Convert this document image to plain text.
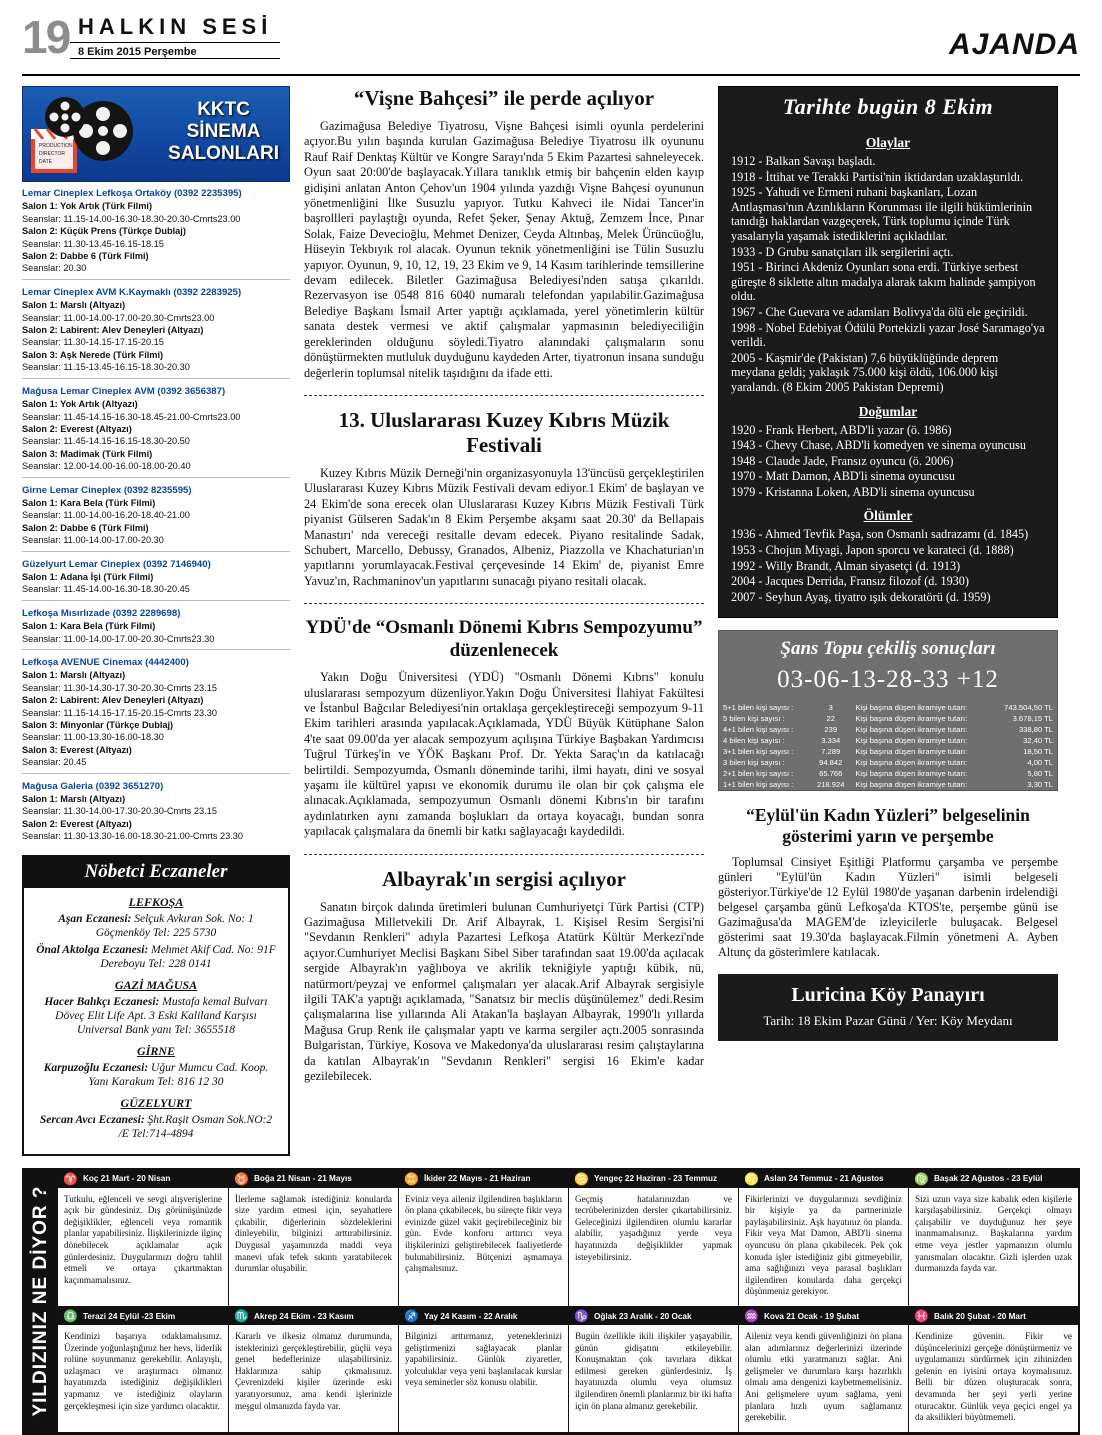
19 HALKIN SESİ
8 Ekim 2015 Perşembe	AJANDA
PRODUCTION
DIRECTOR
DATE
KKTC
SİNEMA
SALONLARI
Lemar Cineplex Lefkoşa Ortaköy (0392 2235395)
Salon 1: Yok Artık (Türk Filmi)
Seanslar: 11.15-14.00-16.30-18.30-20.30-Cmrts23.00
Salon 2: Küçük Prens (Türkçe Dublaj)
Seanslar: 11.30-13.45-16.15-18.15
Salon 2: Dabbe 6 (Türk Filmi)
Seanslar: 20.30
Lemar Cineplex AVM K.Kaymaklı (0392 2283925)
Salon 1: Marslı (Altyazı)
Seanslar: 11.00-14.00-17.00-20.30-Cmrts23.00
Salon 2: Labirent: Alev Deneyleri (Altyazı)
Seanslar: 11.30-14.15-17.15-20.15
Salon 3: Aşk Nerede (Türk Filmi)
Seanslar: 11.15-13.45-16.15-18.30-20.30
Mağusa Lemar Cineplex AVM (0392 3656387)
Salon 1: Yok Artık (Altyazı)
Seanslar: 11.45-14.15-16.30-18.45-21.00-Cmrts23.00
Salon 2: Everest (Altyazı)
Seanslar: 11.45-14.15-16.15-18.30-20.50
Salon 3: Madimak (Türk Filmi)
Seanslar: 12.00-14.00-16.00-18.00-20.40
Girne Lemar Cineplex (0392 8235595)
Salon 1: Kara Bela (Türk Filmi)
Seanslar: 11.00-14.00-16.20-18.40-21.00
Salon 2: Dabbe 6 (Türk Filmi)
Seanslar: 11.00-14.00-17.00-20.30
Güzelyurt Lemar Cineplex (0392 7146940)
Salon 1: Adana İşi (Türk Filmi)
Seanslar: 11.45-14.00-16.30-18.30-20.45
Lefkoşa Mısırlızade (0392 2289698)
Salon 1: Kara Bela (Türk Filmi)
Seanslar: 11.00-14.00-17.00-20.30-Cmrts23.30
Lefkoşa AVENUE Cinemax (4442400)
Salon 1: Marslı (Altyazı)
Seanslar: 11.30-14.30-17.30-20.30-Cmrts 23.15
Salon 2: Labirent: Alev Deneyleri (Altyazı)
Seanslar: 11.15-14.15-17.15-20.15-Cmrts 23.30
Salon 3: Minyonlar (Türkçe Dublaj)
Seanslar: 11.00-13.30-16.00-18.30
Salon 3: Everest (Altyazı)
Seanslar: 20.45
Mağusa Galeria (0392 3651270)
Salon 1: Marslı (Altyazı)
Seanslar: 11.30-14.00-17.30-20.30-Cmrts 23.15
Salon 2: Everest (Altyazı)
Seanslar: 11.30-13.30-16.00-18.30-21.00-Cmrts 23.30
Nöbetci Eczaneler
LEFKOŞA
Aşan Eczanesi: Selçuk Avkıran Sok. No: 1 Göçmenköy Tel: 225 5730
Önal Aktolga Eczanesi: Mehmet Akif Cad. No: 91F Dereboyu Tel: 228 0141
GAZİ MAĞUSA
Hacer Balıkçı Eczanesi: Mustafa kemal Bulvarı Döveç Elit Life Apt. 3 Eski Kaliland Karşısı Universal Bank yanı Tel: 3655518
GİRNE
Karpuzoğlu Eczanesi: Uğur Mumcu Cad. Koop. Yanı Karakum Tel: 816 12 30
GÜZELYURT
Sercan Avcı Eczanesi: Şht.Raşit Osman Sok.NO:2 /E Tel:714-4894
“Vişne Bahçesi” ile perde açılıyor

Gazimağusa Belediye Tiyatrosu, Vişne Bahçesi isimli oyunla perdelerini açıyor.Bu yılın başında kurulan Gazimağusa Belediye Tiyatrosu ilk oyununu Rauf Raif Denktaş Kültür ve Kongre Sarayı'nda 5 Ekim Pazartesi sahneleyecek. Oyun saat 20:00'de başlayacak.Yıllara tanıklık etmiş bir bahçenin elden kayıp gidişini anlatan Anton Çehov'un 1904 yılında yazdığı Vişne Bahçesi oyununun yönetmenliğini İlke Susuzlu yapıyor. Tutku Kahveci ile Nidai Tancer'in başrollleri paylaştığı oyunda, Refet Şeker, Şenay Aktuğ, Zemzem İnce, Pınar Solak, Faize Devecioğlu, Mehmet Denizer, Ceyda Altınbaş, Melek Ürüncüoğlu, Hüseyin Tekbıyık rol alacak. Oyunun teknik yönetmenliğini ise Tülin Susuzlu yapıyor. Oyunun, 9, 10, 12, 19, 23 Ekim ve 9, 14 Kasım tarihlerinde temsillerine devam edilecek. Biletler Gazimağusa Belediyesi'nden satışa çıkarıldı. Rezervasyon ise 0548 816 6040 numaralı telefondan yapılabilir.Gazimağusa Belediye Başkanı İsmail Arter yaptığı açıklamada, yerel yönetimlerin kültür sanata destek vermesi ve aktif çalışmalar yapmasının belediyeciliğin gereklerinden olduğunu söyledi.Tiyatro alanındaki çalışmaların sonu dönüştürmekten mutluluk duyduğunu kaydeden Arter, tiyatronun insana sunduğu değerlerin toplumsal nitelik taşıdığını da ifade etti.

13. Uluslararası Kuzey Kıbrıs Müzik Festivali

Kuzey Kıbrıs Müzik Derneği'nin organizasyonuyla 13'üncüsü gerçekleştirilen Uluslararası Kuzey Kıbrıs Müzik Festivali devam ediyor.1 Ekim' de başlayan ve 24 Ekim'de sona erecek olan Uluslararası Kuzey Kıbrıs Müzik Festivali Türk piyanist Gülseren Sadak'ın 8 Ekim Perşembe akşamı saat 20.30' da Bellapais Manastırı' nda vereceği resitalle devam edecek. Piyano resitalinde Sadak, Schubert, Marcello, Debussy, Granados, Albeniz, Piazzolla ve Khachaturian'ın yapıtlarını yorumlayacak.Festival çerçevesinde 14 Ekim' de, piyanist Emre Yavuz'ın, Rachmaninov'un yapıtlarını sunacağı piyano resitali olacak.

YDÜ'de “Osmanlı Dönemi Kıbrıs Sempozyumu” düzenlenecek

Yakın Doğu Üniversitesi (YDÜ) "Osmanlı Dönemi Kıbrıs" konulu uluslararası sempozyum düzenliyor.Yakın Doğu Üniversitesi İlahiyat Fakültesi ve İstanbul Bağcılar Belediyesi'nin ortaklaşa gerçekleştireceği sempozyum 9-11 Ekim tarihleri arasında yapılacak.Açıklamada, YDÜ Büyük Kütüphane Salon 4'te saat 09.00'da yer alacak sempozyum açılışına Türkiye Başbakan Yardımcısı Tuğrul Türkeş'in ve YÖK Başkanı Prof. Dr. Yekta Saraç'ın da katılacağı belirtildi. Sempozyumda, Osmanlı döneminde tarihi, ilmi hayatı, dini ve sosyal yaşamı ile kültürel yapısı ve ekonomik durumu ile olan bir çok çalışma ele alınacak.Açıklamada, sempozyumun Osmanlı dönemi Kıbrıs'ın bir tarafını aydınlatırken aynı zamanda boşlukları da ortaya koyacağı, bundan sonra yapılacak çalışmalara da önemli bir katkı sağlayacağı kaydedildi.

Albayrak'ın sergisi açılıyor

Sanatın birçok dalında üretimleri bulunan Cumhuriyetçi Türk Partisi (CTP) Gazimağusa Milletvekili Dr. Arif Albayrak, 1. Kişisel Resim Sergisi'ni "Sevdanın Renkleri" adıyla Pazartesi Lefkoşa Atatürk Kültür Merkezi'nde açıyor.Cumhuriyet Meclisi Başkanı Sibel Siber tarafından saat 19.00'da açılacak sergide Albayrak'ın yağlıboya ve akrilik tekniğiyle yaptığı kübik, nü, natürmort/peyzaj ve enformel çalışmaları yer alacak.Arif Albayrak sergisiyle ilgili TAK'a yaptığı açıklamada, "Sanatsız bir meclis düşünülemez" dedi.Resim çalışmalarına lise yıllarında Ali Atakan'la başlayan Albayrak, 1990'lı yıllarda Mağusa Grup Renk ile çalışmalar yaptı ve karma sergiler açtı.2005 sonrasında Bulgaristan, Türkiye, Kosova ve Makedonya'da uluslararası resim çalıştaylarına da katılan Albayrak'ın "Sevdanın Renkleri" sergisi 16 Ekim'e kadar gezilebilecek.

Tarihte bugün 8 Ekim
Olaylar
1912 - Balkan Savaşı başladı.
1918 - İttihat ve Terakki Partisi'nin iktidardan uzaklaştırıldı.
1925 - Yahudi ve Ermeni ruhani başkanları, Lozan Antlaşması'nın Azınlıkların Korunması ile ilgili hükümlerinin tanıdığı haklardan vazgeçerek, Türk toplumu içinde Türk yasalarıyla yaşamak istediklerini açıkladılar.
1933 - D Grubu sanatçıları ilk sergilerini açtı.
1951 - Birinci Akdeniz Oyunları sona erdi. Türkiye serbest güreşte 8 siklette altın madalya alarak takım halinde şampiyon oldu.
1967 - Che Guevara ve adamları Bolivya'da ölü ele geçirildi.
1998 - Nobel Edebiyat Ödülü Portekizli yazar José Saramago'ya verildi.
2005 - Kaşmir'de (Pakistan) 7,6 büyüklüğünde deprem meydana geldi; yaklaşık 75.000 kişi öldü, 106.000 kişi yaralandı. (8 Ekim 2005 Pakistan Depremi)
Doğumlar
1920 - Frank Herbert, ABD'li yazar (ö. 1986)
1943 - Chevy Chase, ABD'li komedyen ve sinema oyuncusu
1948 - Claude Jade, Fransız oyuncu (ö. 2006)
1970 - Matt Damon, ABD'li sinema oyuncusu
1979 - Kristanna Loken, ABD'li sinema oyuncusu
Ölümler
1936 - Ahmed Tevfik Paşa, son Osmanlı sadrazamı (d. 1845)
1953 - Chojun Miyagi, Japon sporcu ve karateci (d. 1888)
1992 - Willy Brandt, Alman siyasetçi (d. 1913)
2004 - Jacques Derrida, Fransız filozof (d. 1930)
2007 - Seyhun Ayaş, tiyatro ışık dekoratörü (d. 1959)
Şans Topu çekiliş sonuçları
03-06-13-28-33 +12
5+1 bilen kişi sayısı :	3	Kişi başına düşen ikramiye tutarı:	743.504,50 TL
5 bilen kişi sayısı :	22	Kişi başına düşen ikramiye tutarı:	3.678,15 TL
4+1 bilen kişi sayısı :	239	Kişi başına düşen ikramiye tutarı:	338,80 TL
4 bilen kişi sayısı :	3.334	Kişi başına düşen ikramiye tutarı:	32,40 TL
3+1 bilen kişi sayısı :	7.289	Kişi başına düşen ikramiye tutarı:	18,50 TL
3 bilen kişi sayısı :	94.842	Kişi başına düşen ikramiye tutarı:	4,00 TL
2+1 bilen kişi sayısı :	65.766	Kişi başına düşen ikramiye tutarı:	5,80 TL
1+1 bilen kişi sayısı :	218.924	Kişi başına düşen ikramiye tutarı:	3,30 TL
“Eylül'ün Kadın Yüzleri” belgeselinin gösterimi yarın ve perşembe

Toplumsal Cinsiyet Eşitliği Platformu çarşamba ve perşembe günleri "Eylül'ün Kadın Yüzleri" isimli belgeseli gösteriyor.Türkiye'de 12 Eylül 1980'de yaşanan darbenin irdelendiği belgesel çarşamba günü Lefkoşa'da KTOS'te, perşembe günü ise Gazimağusa'da MAGEM'de izleyicilerle buluşacak. Belgesel gösterimi saat 19.30'da başlayacak.Filmin yönetmeni A. Ayben Altunç da gösterimlere katılacak.

Luricina Köy Panayırı
Tarih: 18 Ekim Pazar Günü / Yer: Köy Meydanı
YILDIZINIZ NE DİYOR ?
♈ Koç 21 Mart - 20 Nisan
Tutkulu, eğlenceli ve sevgi alışverişlerine açık bir gündesiniz. Dış görünüşünüzde değişiklikler, eğlenceli veya romantik planlar yapabilirsiniz. İlişkilerinizde ilginç dönebilecek açıklamalar açık günlerdesiniz. Duygularınızı doğru tahlil etmeli ve ortaya çıkartmaktan kaçınmamalısınız.
♉ Boğa 21 Nisan - 21 Mayıs
İlerleme sağlamak istediğiniz konularda size yardım etmesi için, seyahatlere çıkabilir, diğerlerinin sözdeleklerini dinleyebilir, bilginizi arttırabilirsiniz. Duygusal yaşamınızda maddi veya manevi ufak tefek sıkıntı yaratabilecek durumlar oluşabilir.
♊ İkider 22 Mayıs - 21 Haziran
Eviniz veya aileniz ilgilendiren başlıkların ön plana çıkabilecek, bu süreçte fikir veya evinizde güzel vakit geçirebileceğiniz bir gün. Evde konforu arttırıcı veya ilişkilerinizi geliştirebilecek faaliyetlerde bulunabilirsiniz. Bütçenizi aşmamaya çalışmalısınız.
♋ Yengeç 22 Haziran - 23 Temmuz
Geçmiş hatalarınızdan ve tecrübelerinizden dersler çıkartabilirsiniz. Geleceğinizi ilgilendiren olumlu kararlar alabilir, yaşadığınız yerde veya hayatınızda değişiklikler yapmak isteyebilirsiniz.
♌ Aslan 24 Temmuz - 21 Ağustos
Fikirlerinizi ve duygularınızı sevdiğiniz bir kişiyle ya da partnerinizle paylaşabilirsiniz. Aşk hayatınız ön planda. Fikir veya Mat Damon, ABD'li sinema oyuncusu ön plana çıkabilecek. Pek çok konuda işler istediğiniz gibi gitmeyebilir, ama sağlığınızı veya parasal başlıkları ilgilendiren konularda daha gerçekçi düşünmeniz gerekiyor.
♍ Başak 22 Ağustos - 23 Eylül
Sizi uzun vaya size kabalık eden kişilerle karşılaşabilirsiniz. Gerçekçi olmayı çalışabilir ve duyduğunuz her şeye inanmamalısınız. Başkalarına yardım etme veya jestler yapmanızın olumlu yanısmaları olacaktır. Gizli işlerden uzak durmanızda fayda var.
♎ Terazi 24 Eylül -23 Ekim
Kendinizi başarıya odaklamalısınız. Üzerinde yoğunlaştığınız her hevs, liderlik rolüne soyunmanız gerekebilir. Anlayışlı, uzlaşmacı ve araştırmacı olmanız hayatınızda istediğiniz değişiklikleri yapmanız ve istediğiniz olayların gerçekleşmesi için size yardımcı olacaktır.
♏ Akrep 24 Ekim - 23 Kasım
Kararlı ve ilkesiz olmanız durumunda, isteklerinizi gerçekleştirebilir, güçlü veya genel hedeflerinize ulaşabilirsiniz. Haklarınıza sahip çıkmalısınız. Çevrenizdeki kişiler üzerinde eski yaratıyorsunuz, ama kendi işlerinizle meşgul olmanızda fayda var.
♐ Yay 24 Kasım - 22 Aralık
Bilginizi arttırmanız, yeteneklerinizi geliştirmenizi sağlayacak planlar yapabilirsiniz. Günlük ziyaretler, yolculuklar veya yeni başlanılacak kurslar veya seminerler söz konusu olabilir.
♑ Oğlak 23 Aralık - 20 Ocak
Bugün özellikle ikili ilişkiler yaşayabilir, günün gidişatını etkileyebilir. Konuşmaktan çok tavırlara dikkat edilmesi gereken günlerdesiniz. İş hayatınızda olumlu veya olumsuz ilgilendiren önemli planlarınız bir iki hafta için ön plana almanız gerekebilir.
♒ Kova 21 Ocak - 19 Şubat
Aileniz veya kendi güvenliğinizi ön plana alan adımlarınız değerlerinizi üzerinde olumlu etki yaratmanızı sağlar. Ani gelişmeler ve durumlara karşı hazırlıklı olmalı ama dengenizi kaybetmemelisiniz. Ani gelişmelere uyum sağlama, yeni planlara hızlı uyum sağlamanız gerekebilir.
♓ Balık 20 Şubat - 20 Mart
Kendinize güvenin. Fikir ve düşüncelerinizi gerçeğe dönüştürmeniz ve uygulamanızı sürdürmek için zihinizden gelenin en iyisini ortaya koymalısınız. Belli bir düzen oluşturacak sonra, devamında her şeyi yerli yerine oturacaktır. Günlük veya geçici engel ya da aksilikleri büyütmemeli.
